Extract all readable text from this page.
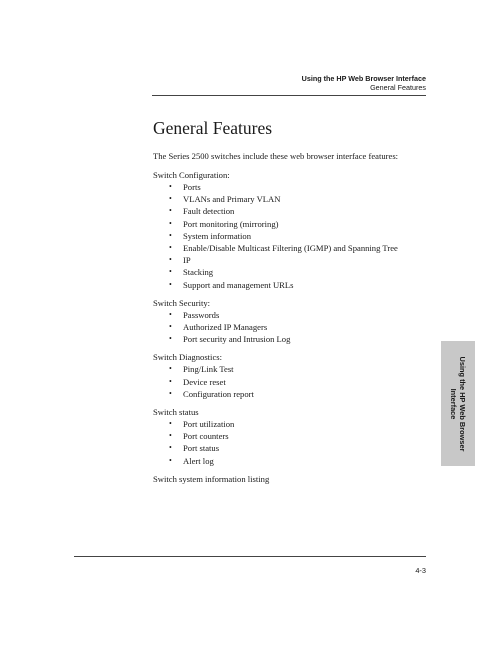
Using the HP Web Browser Interface
General Features
General Features

The Series 2500 switches include these web browser interface features:

Switch Configuration:

• Ports
• VLANs and Primary VLAN
• Fault detection
• Port monitoring (mirroring)
• System information
• Enable/Disable Multicast Filtering (IGMP) and Spanning Tree
• IP
• Stacking
• Support and management URLs

Switch Security:

• Passwords
• Authorized IP Managers
• Port security and Intrusion Log

Switch Diagnostics:

• Ping/Link Test
• Device reset
• Configuration report

Switch status

• Port utilization
• Port counters
• Port status
• Alert log

Switch system information listing

Using the HP Web Browser
Interface
4-3
